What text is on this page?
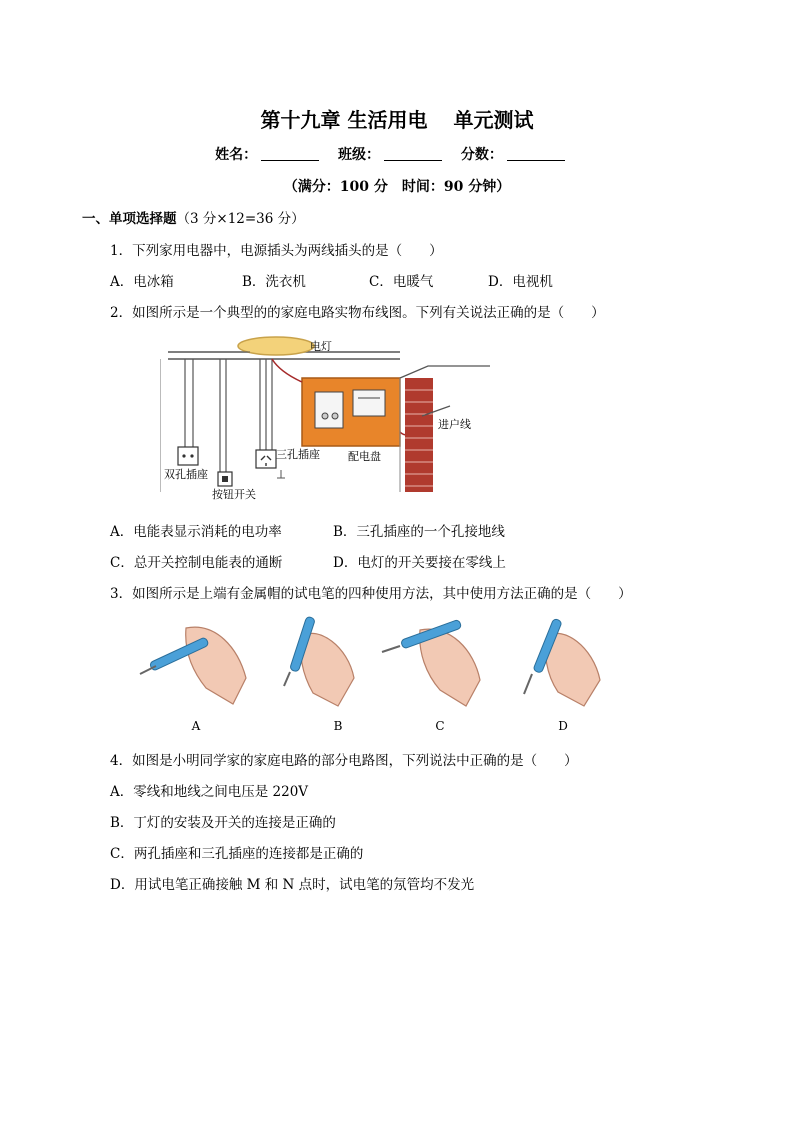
第十九章 生活用电 单元测试
姓名：	班级：	分数：
（满分：100 分　时间：90 分钟）
一、单项选择题（3 分×12=36 分）
1．下列家用电器中，电源插头为两线插头的是（　　）
A．电冰箱	B．洗衣机	C．电暖气	D．电视机
2．如图所示是一个典型的的家庭电路实物布线图。下列有关说法正确的是（　　）
电灯
双孔插座
按钮开关
三孔插座	配电盘
进户线
A．电能表显示消耗的电功率	B．三孔插座的一个孔接地线
C．总开关控制电能表的通断	D．电灯的开关要接在零线上
3．如图所示是上端有金属帽的试电笔的四种使用方法，其中使用方法正确的是（　　）
A	B	C	D
4．如图是小明同学家的家庭电路的部分电路图，下列说法中正确的是（　　）
A．零线和地线之间电压是 220V
B．丁灯的安装及开关的连接是正确的
C．两孔插座和三孔插座的连接都是正确的
D．用试电笔正确接触 M 和 N 点时，试电笔的氖管均不发光
